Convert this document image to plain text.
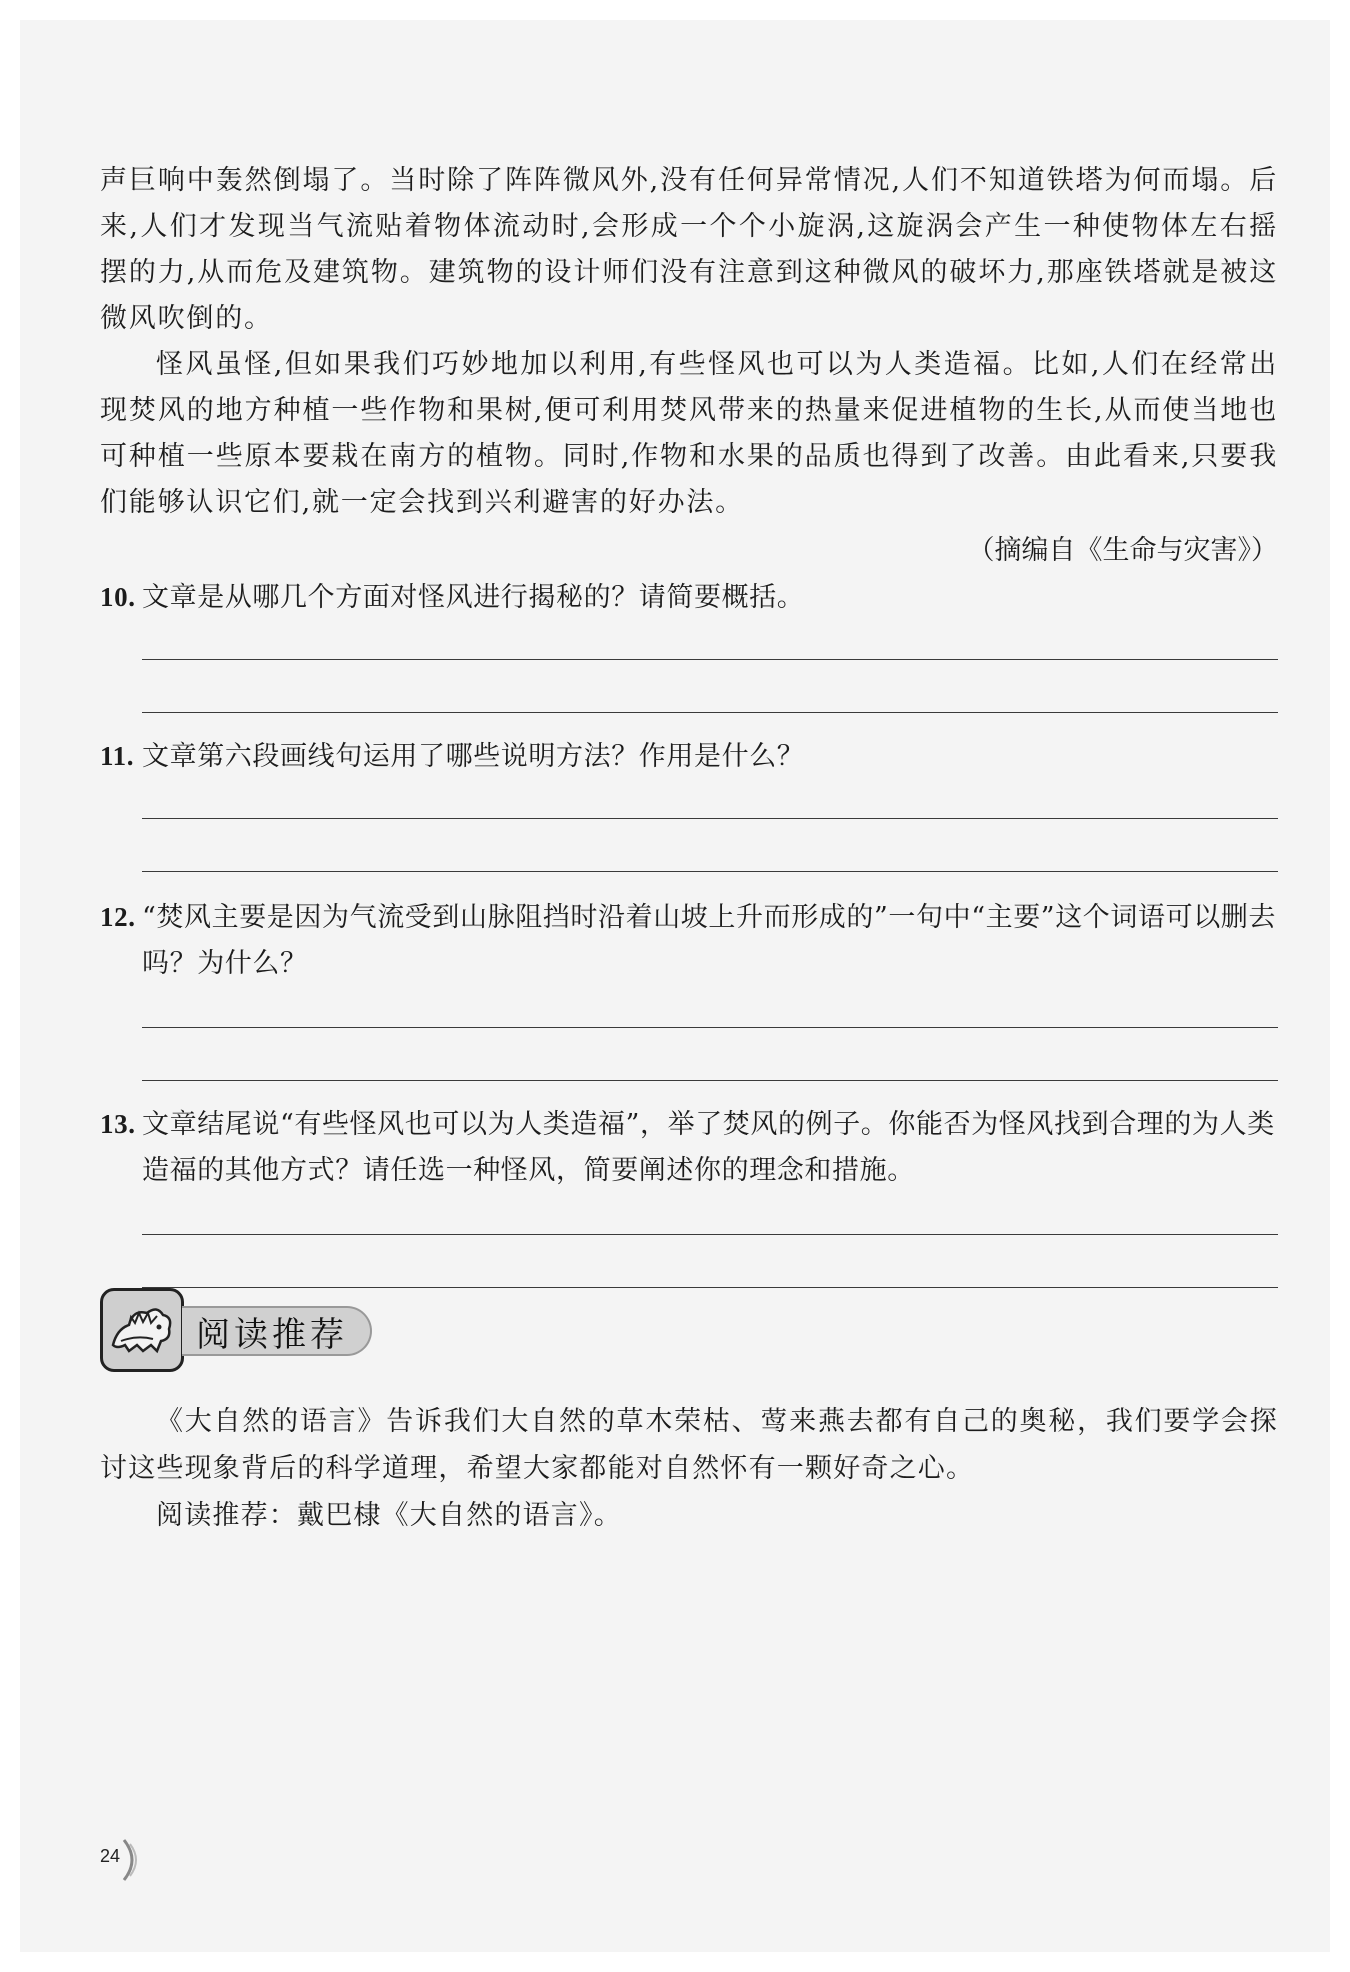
声巨响中轰然倒塌了。当时除了阵阵微风外,没有任何异常情况,人们不知道铁塔为何而塌。后来,人们才发现当气流贴着物体流动时,会形成一个个小旋涡,这旋涡会产生一种使物体左右摇摆的力,从而危及建筑物。建筑物的设计师们没有注意到这种微风的破坏力,那座铁塔就是被这微风吹倒的。

怪风虽怪,但如果我们巧妙地加以利用,有些怪风也可以为人类造福。比如,人们在经常出现焚风的地方种植一些作物和果树,便可利用焚风带来的热量来促进植物的生长,从而使当地也可种植一些原本要栽在南方的植物。同时,作物和水果的品质也得到了改善。由此看来,只要我们能够认识它们,就一定会找到兴利避害的好办法。

（摘编自《生命与灾害》）

10. 文章是从哪几个方面对怪风进行揭秘的？请简要概括。

11. 文章第六段画线句运用了哪些说明方法？作用是什么？

12. “焚风主要是因为气流受到山脉阻挡时沿着山坡上升而形成的”一句中“主要”这个词语可以删去吗？为什么？

13. 文章结尾说“有些怪风也可以为人类造福”，举了焚风的例子。你能否为怪风找到合理的为人类造福的其他方式？请任选一种怪风，简要阐述你的理念和措施。

阅读推荐

《大自然的语言》告诉我们大自然的草木荣枯、莺来燕去都有自己的奥秘，我们要学会探讨这些现象背后的科学道理，希望大家都能对自然怀有一颗好奇之心。

阅读推荐：戴巴棣《大自然的语言》。

24
